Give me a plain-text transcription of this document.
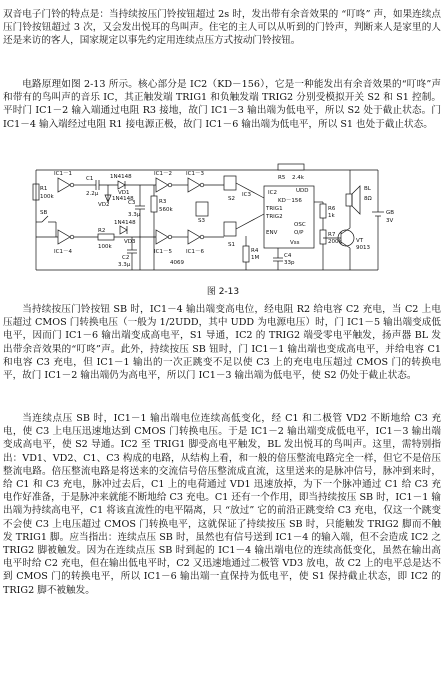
双音电子门铃的特点是：当持续按压门铃按钮超过 2s 时，发出带有余音效果的 “叮咚” 声，如果连续点压门铃按钮超过 3 次，又会发出悦耳的鸟叫声。住宅的主人可以从听到的门铃声，判断来人是家里的人还是来访的客人，国家规定以事先约定用连续点压方式按动门铃按钮。

电路原理如图 2-13 所示。核心部分是 IC2（KD－156），它是一种能发出有余音效果的“叮咚”声和带有的鸟叫声的音乐 IC，其正触发端 TRIG1 和负触发端 TRIG2 分别受模拟开关 S2 和 S1 控制。平时门 IC1－2 输入端通过电阻 R3 接地，故门 IC1－3 输出端为低电平，所以 S2 处于截止状态。门 IC1－4 输入端经过电阻 R1 接电源正极，故门 IC1－6 输出端为低电平，所以 S1 也处于截止状态。

R1
100k
IC1－1	IC1－2	IC1－3
IC1－4	IC1－5	IC1－6
1N4148
VD1
1N4148
VD2
1N4148
VD3
C1
2.2μ
C2
3.3μ
C3
3.3μ
C4
33p
R2
100k
R3
560k
R4
1M
R5 2.4k
R6
1k
R7
200k
4069
S1
S2
S3
IC2
KD－156
TRIG1
TRIG2
UDD
OSC
ENV	O/P
Vss
BL
8Ω
GB
3V
VT
9013
SB
IC3
图 2-13

当持续按压门铃按钮 SB 时，IC1－4 输出端变高电位，经电阻 R2 给电容 C2 充电，当 C2 上电压超过 CMOS 门转换电压（一般为 1/2UDD，其中 UDD 为电源电压）时，门 IC1－5 输出端变成低电平，因而门 IC1－6 输出端变成高电平，S1 导通，IC2 的 TRIG2 端受零电平触发，扬声器 BL 发出带余音效果的“叮咚”声。此外，持续按压 SB 钮时，门 IC1－1 输出端也变成高电平，并给电容 C1 和电容 C3 充电，但 IC1－1 输出的一次正跳变不足以使 C3 上的充电电压超过 CMOS 门的转换电平，故门 IC1－2 输出端仍为高电平，所以门 IC1－3 输出端为低电平，使 S2 仍处于截止状态。

当连续点压 SB 时，IC1－1 输出端电位连续高低变化，经 C1 和二极管 VD2 不断地给 C3 充电，使 C3 上电压迅速地达到 CMOS 门转换电压。于是 IC1－2 输出端变成低电平，IC1－3 输出端变成高电平，使 S2 导通。IC2 至 TRIG1 脚受高电平触发，BL 发出悦耳的鸟叫声。这里，需特别指出：VD1、VD2、C1、C3 构成的电路，从结构上看，和一般的倍压整流电路完全一样，但它不是倍压整流电路。倍压整流电路是将送来的交流信号倍压整流成直流，这里送来的是脉冲信号，脉冲到来时，给 C1 和 C3 充电，脉冲过去后，C1 上的电荷通过 VD1 迅速放掉，为下一个脉冲通过 C1 给 C3 充电作好准备，于是脉冲来就能不断地给 C3 充电。C1 还有一个作用，即当持续按压 SB 时，IC1－1 输出端为持续高电平，C1 将该直流性的电平隔离，只 “放过” 它的前沿正跳变给 C3 充电，仅这一个跳变不会使 C3 上电压超过 CMOS 门转换电平，这就保证了持续按压 SB 时，只能触发 TRIG2 脚而不触发 TRIG1 脚。应当指出：连续点压 SB 时，虽然也有信号送到 IC1－4 的输入端，但不会造成 IC2 之 TRIG2 脚被触发。因为在连续点压 SB 时到起的 IC1－4 输出端电位的连续高低变化，虽然在输出高电平时给 C2 充电，但在输出低电平时，C2 又迅速地通过二极管 VD3 放电，故 C2 上的电平总是达不到 CMOS 门的转换电平，所以 IC1－6 输出端一直保持为低电平，使 S1 保持截止状态，即 IC2 的 TRIG2 脚不被触发。
